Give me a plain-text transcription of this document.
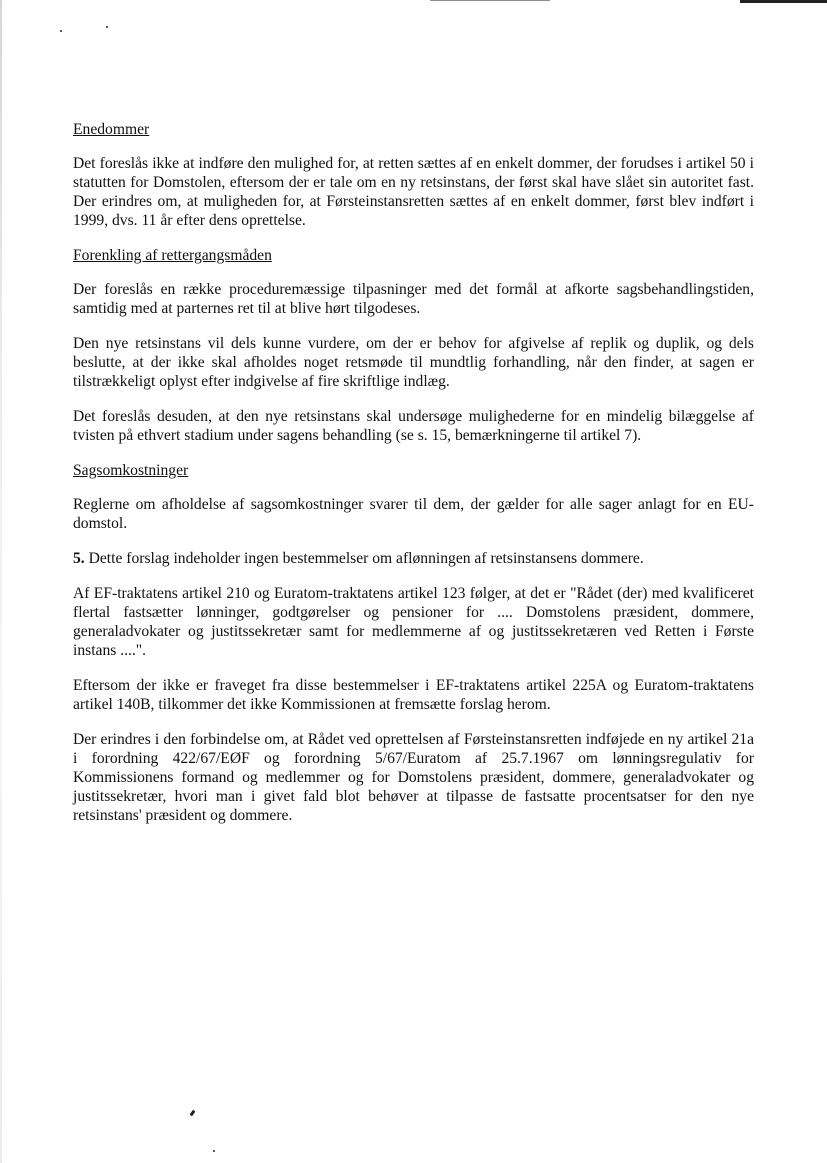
Enedommer

Det foreslås ikke at indføre den mulighed for, at retten sættes af en enkelt dommer, der forudses i artikel 50 i statutten for Domstolen, eftersom der er tale om en ny retsinstans, der først skal have slået sin autoritet fast. Der erindres om, at muligheden for, at Førsteinstansretten sættes af en enkelt dommer, først blev indført i 1999, dvs. 11 år efter dens oprettelse.

Forenkling af rettergangsmåden

Der foreslås en række proceduremæssige tilpasninger med det formål at afkorte sagsbehandlingstiden, samtidig med at parternes ret til at blive hørt tilgodeses.

Den nye retsinstans vil dels kunne vurdere, om der er behov for afgivelse af replik og duplik, og dels beslutte, at der ikke skal afholdes noget retsmøde til mundtlig forhandling, når den finder, at sagen er tilstrækkeligt oplyst efter indgivelse af fire skriftlige indlæg.

Det foreslås desuden, at den nye retsinstans skal undersøge mulighederne for en mindelig bilæggelse af tvisten på ethvert stadium under sagens behandling (se s. 15, bemærkningerne til artikel 7).

Sagsomkostninger

Reglerne om afholdelse af sagsomkostninger svarer til dem, der gælder for alle sager anlagt for en EU-domstol.

5. Dette forslag indeholder ingen bestemmelser om aflønningen af retsinstansens dommere.

Af EF-traktatens artikel 210 og Euratom-traktatens artikel 123 følger, at det er "Rådet (der) med kvalificeret flertal fastsætter lønninger, godtgørelser og pensioner for .... Domstolens præsident, dommere, generaladvokater og justitssekretær samt for medlemmerne af og justitssekretæren ved Retten i Første instans ....".

Eftersom der ikke er fraveget fra disse bestemmelser i EF-traktatens artikel 225A og Euratom-traktatens artikel 140B, tilkommer det ikke Kommissionen at fremsætte forslag herom.

Der erindres i den forbindelse om, at Rådet ved oprettelsen af Førsteinstansretten indføjede en ny artikel 21a i forordning 422/67/EØF og forordning 5/67/Euratom af 25.7.1967 om lønningsregulativ for Kommissionens formand og medlemmer og for Domstolens præsident, dommere, generaladvokater og justitssekretær, hvori man i givet fald blot behøver at tilpasse de fastsatte procentsatser for den nye retsinstans' præsident og dommere.
